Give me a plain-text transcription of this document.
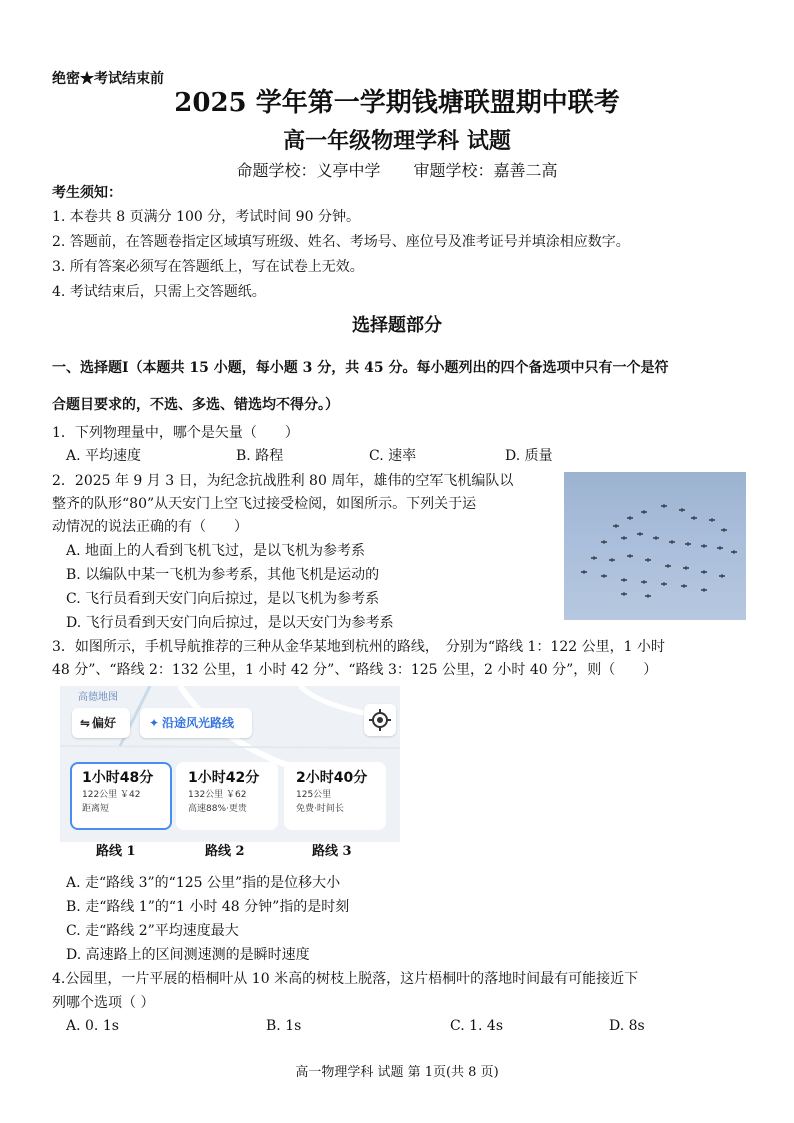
绝密★考试结束前
2025 学年第一学期钱塘联盟期中联考
高一年级物理学科 试题
命题学校：义亭中学 审题学校：嘉善二高
考生须知：
1. 本卷共 8 页满分 100 分，考试时间 90 分钟。
2. 答题前，在答题卷指定区域填写班级、姓名、考场号、座位号及准考证号并填涂相应数字。
3. 所有答案必须写在答题纸上，写在试卷上无效。
4. 考试结束后，只需上交答题纸。
选择题部分
一、选择题Ⅰ（本题共 15 小题，每小题 3 分，共 45 分。每小题列出的四个备选项中只有一个是符
合题目要求的，不选、多选、错选均不得分。）
1．下列物理量中，哪个是矢量（　　）
A. 平均速度	B. 路程	C. 速率	D. 质量
2．2025 年 9 月 3 日，为纪念抗战胜利 80 周年，雄伟的空军飞机编队以
整齐的队形“80”从天安门上空飞过接受检阅，如图所示。下列关于运
动情况的说法正确的有（　　）
A. 地面上的人看到飞机飞过，是以飞机为参考系
B. 以编队中某一飞机为参考系，其他飞机是运动的
C. 飞行员看到天安门向后掠过，是以飞机为参考系
D. 飞行员看到天安门向后掠过，是以天安门为参考系
3．如图所示，手机导航推荐的三种从金华某地到杭州的路线，　分别为“路线 1：122 公里，1 小时
48 分”、“路线 2：132 公里，1 小时 42 分”、“路线 3：125 公里，2 小时 40 分”，则（　　）
高德地图
⇋ 偏好	✦ 沿途风光路线
1小时48分
122公里 ￥42
距离短
1小时42分
132公里 ￥62
高速88%·更贵
2小时40分
125公里
免费·时间长
路线 1	路线 2	路线 3
A. 走“路线 3”的“125 公里”指的是位移大小
B. 走“路线 1”的“1 小时 48 分钟”指的是时刻
C. 走“路线 2”平均速度最大
D. 高速路上的区间测速测的是瞬时速度
4.公园里，一片平展的梧桐叶从 10 米高的树枝上脱落，这片梧桐叶的落地时间最有可能接近下
列哪个选项（ ）
A. 0. 1s	B. 1s	C. 1. 4s	D. 8s
高一物理学科 试题 第 1页(共 8 页)
